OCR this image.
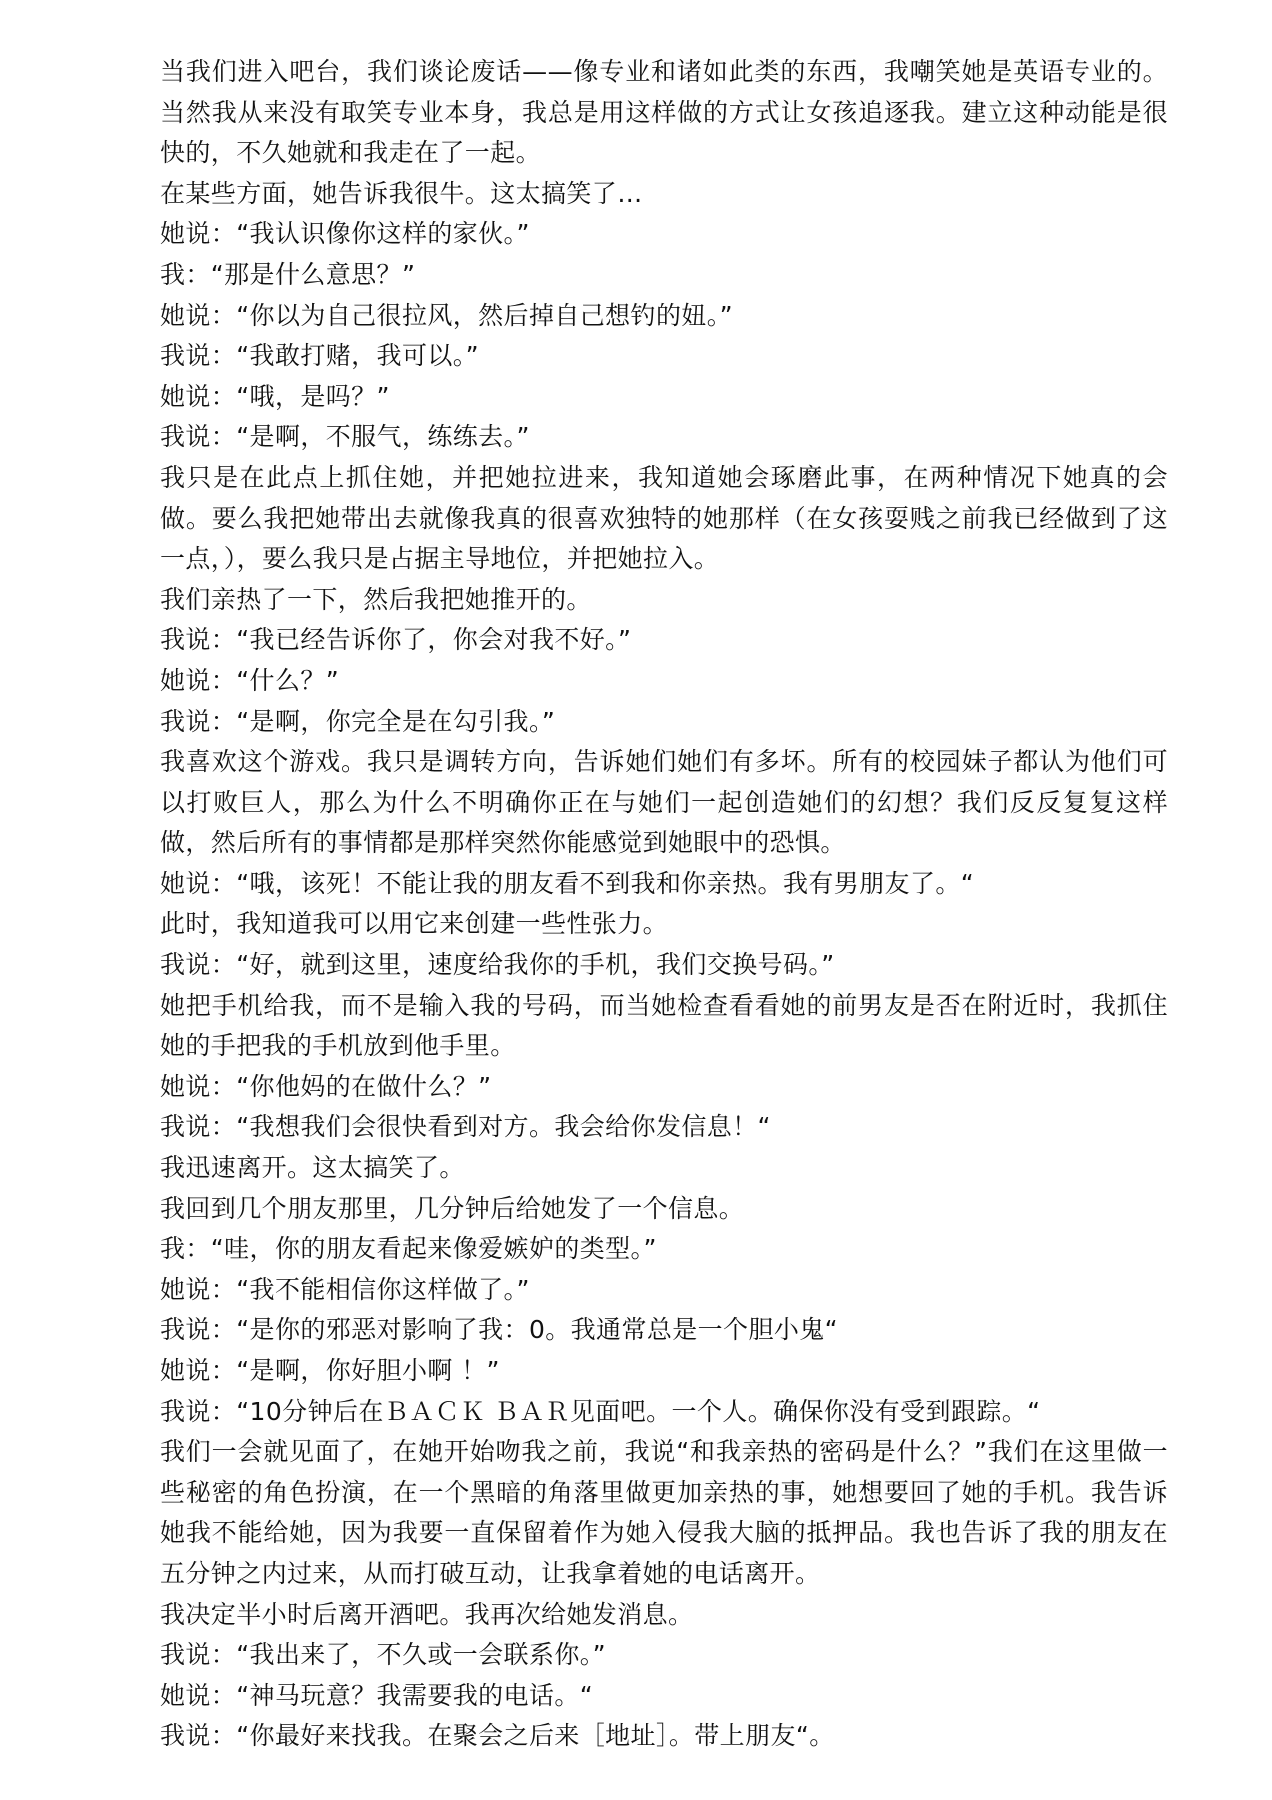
当我们进入吧台，我们谈论废话——像专业和诸如此类的东西，我嘲笑她是英语专业的。当然我从来没有取笑专业本身，我总是用这样做的方式让女孩追逐我。建立这种动能是很快的，不久她就和我走在了一起。

在某些方面，她告诉我很牛。这太搞笑了…

她说：“我认识像你这样的家伙。”

我：“那是什么意思？”

她说：“你以为自己很拉风，然后掉自己想钓的妞。”

我说：“我敢打赌，我可以。”

她说：“哦，是吗？”

我说：“是啊，不服气，练练去。”

我只是在此点上抓住她，并把她拉进来，我知道她会琢磨此事，在两种情况下她真的会做。要么我把她带出去就像我真的很喜欢独特的她那样（在女孩耍贱之前我已经做到了这一点，），要么我只是占据主导地位，并把她拉入。

我们亲热了一下，然后我把她推开的。

我说：“我已经告诉你了，你会对我不好。”

她说：“什么？”

我说：“是啊，你完全是在勾引我。”

我喜欢这个游戏。我只是调转方向，告诉她们她们有多坏。所有的校园妹子都认为他们可以打败巨人，那么为什么不明确你正在与她们一起创造她们的幻想？我们反反复复这样做，然后所有的事情都是那样突然你能感觉到她眼中的恐惧。

她说：“哦，该死！不能让我的朋友看不到我和你亲热。我有男朋友了。“

此时，我知道我可以用它来创建一些性张力。

我说：“好，就到这里，速度给我你的手机，我们交换号码。”

她把手机给我，而不是输入我的号码，而当她检查看看她的前男友是否在附近时，我抓住她的手把我的手机放到他手里。

她说：“你他妈的在做什么？”

我说：“我想我们会很快看到对方。我会给你发信息！“

我迅速离开。这太搞笑了。

我回到几个朋友那里，几分钟后给她发了一个信息。

我：“哇，你的朋友看起来像爱嫉妒的类型。”

她说：“我不能相信你这样做了。”

我说：“是你的邪恶对影响了我：0。我通常总是一个胆小鬼“

她说：“是啊，你好胆小啊 ！”

我说：“10分钟后在ＢＡＣＫ ＢＡＲ见面吧。一个人。确保你没有受到跟踪。“

我们一会就见面了，在她开始吻我之前，我说“和我亲热的密码是什么？”我们在这里做一些秘密的角色扮演，在一个黑暗的角落里做更加亲热的事，她想要回了她的手机。我告诉她我不能给她，因为我要一直保留着作为她入侵我大脑的抵押品。我也告诉了我的朋友在五分钟之内过来，从而打破互动，让我拿着她的电话离开。

我决定半小时后离开酒吧。我再次给她发消息。

我说：“我出来了，不久或一会联系你。”

她说：“神马玩意？我需要我的电话。“

我说：“你最好来找我。在聚会之后来［地址］。带上朋友“。
